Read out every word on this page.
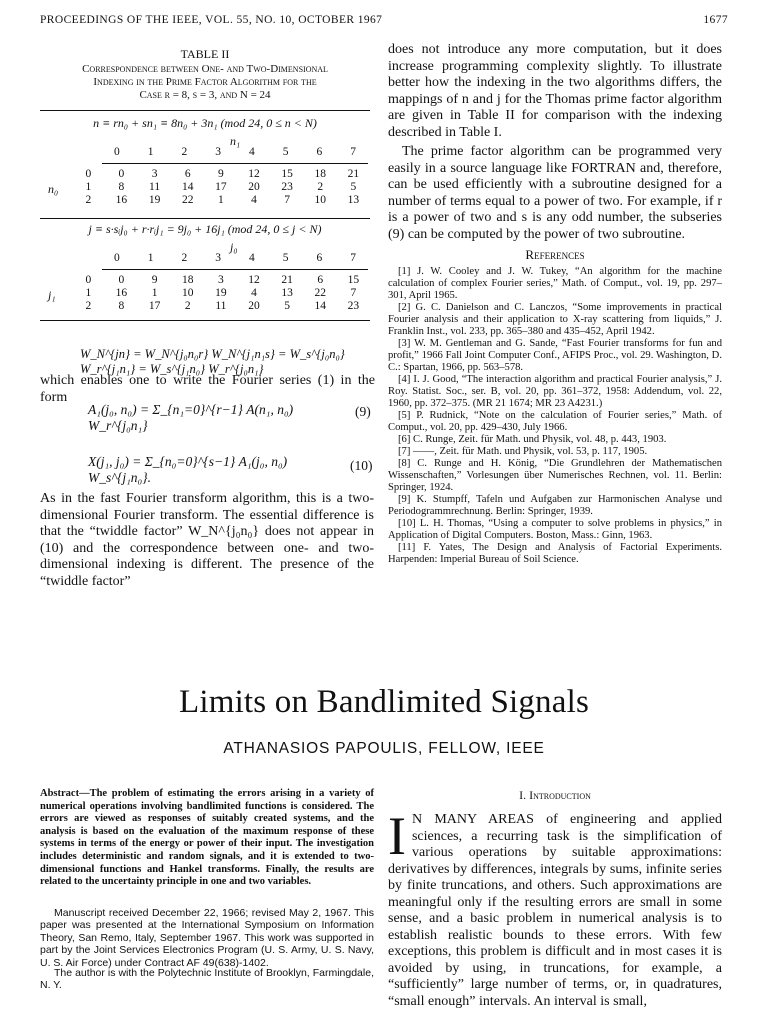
PROCEEDINGS OF THE IEEE, VOL. 55, NO. 10, OCTOBER 1967	1677
TABLE II
Correspondence between One- and Two-Dimensional
Indexing in the Prime Factor Algorithm for the
Case r = 8, s = 3, and N = 24
n ≡ rn₀ + sn₁ ≡ 8n₀ + 3n₁ (mod 24, 0 ≤ n < N)
n₁
0	1	2	3	4	5	6	7
n₀
0	0	3	6	9	12	15	18	21
1	8	11	14	17	20	23	2	5
2	16	19	22	1	4	7	10	13
j ≡ s·sᵢj₀ + r·rᵢj₁ = 9j₀ + 16j₁ (mod 24, 0 ≤ j < N)
j₀
0	1	2	3	4	5	6	7
j₁
0	0	9	18	3	12	21	6	15
1	16	1	10	19	4	13	22	7
2	8	17	2	11	20	5	14	23
W_N^{jn} = W_N^{j₀n₀r} W_N^{j₁n₁s} = W_s^{j₀n₀} W_r^{j₁n₁} = W_s^{j₁n₀} W_r^{j₀n₁}
which enables one to write the Fourier series (1) in the form
A₁(j₀, n₀) = Σ_{n₁=0}^{r−1} A(n₁, n₀) W_r^{j₀n₁}
(9)
X(j₁, j₀) = Σ_{n₀=0}^{s−1} A₁(j₀, n₀) W_s^{j₁n₀}.
(10)
As in the fast Fourier transform algorithm, this is a two-dimensional Fourier transform. The essential difference is that the “twiddle factor” W_N^{j₀n₀} does not appear in (10) and the correspondence between one- and two-dimensional indexing is different. The presence of the “twiddle factor”
does not introduce any more computation, but it does increase programming complexity slightly. To illustrate better how the indexing in the two algorithms differs, the mappings of n and j for the Thomas prime factor algorithm are given in Table II for comparison with the indexing described in Table I.
The prime factor algorithm can be programmed very easily in a source language like FORTRAN and, therefore, can be used efficiently with a subroutine designed for a number of terms equal to a power of two. For example, if r is a power of two and s is any odd number, the subseries (9) can be computed by the power of two subroutine.
References

[1] J. W. Cooley and J. W. Tukey, “An algorithm for the machine calculation of complex Fourier series,” Math. of Comput., vol. 19, pp. 297–301, April 1965.

[2] G. C. Danielson and C. Lanczos, “Some improvements in practical Fourier analysis and their application to X-ray scattering from liquids,” J. Franklin Inst., vol. 233, pp. 365–380 and 435–452, April 1942.

[3] W. M. Gentleman and G. Sande, “Fast Fourier transforms for fun and profit,” 1966 Fall Joint Computer Conf., AFIPS Proc., vol. 29. Washington, D. C.: Spartan, 1966, pp. 563–578.

[4] I. J. Good, “The interaction algorithm and practical Fourier analysis,” J. Roy. Statist. Soc., ser. B, vol. 20, pp. 361–372, 1958: Addendum, vol. 22, 1960, pp. 372–375. (MR 21 1674; MR 23 A4231.)

[5] P. Rudnick, “Note on the calculation of Fourier series,” Math. of Comput., vol. 20, pp. 429–430, July 1966.

[6] C. Runge, Zeit. für Math. und Physik, vol. 48, p. 443, 1903.

[7] ——, Zeit. für Math. und Physik, vol. 53, p. 117, 1905.

[8] C. Runge and H. König, “Die Grundlehren der Mathematischen Wissenschaften,” Vorlesungen über Numerisches Rechnen, vol. 11. Berlin: Springer, 1924.

[9] K. Stumpff, Tafeln und Aufgaben zur Harmonischen Analyse und Periodogrammrechnung. Berlin: Springer, 1939.

[10] L. H. Thomas, “Using a computer to solve problems in physics,” in Application of Digital Computers. Boston, Mass.: Ginn, 1963.

[11] F. Yates, The Design and Analysis of Factorial Experiments. Harpenden: Imperial Bureau of Soil Science.

Limits on Bandlimited Signals
ATHANASIOS PAPOULIS, FELLOW, IEEE
Abstract—The problem of estimating the errors arising in a variety of numerical operations involving bandlimited functions is considered. The errors are viewed as responses of suitably created systems, and the analysis is based on the evaluation of the maximum response of these systems in terms of the energy or power of their input. The investigation includes deterministic and random signals, and it is extended to two-dimensional functions and Hankel transforms. Finally, the results are related to the uncertainty principle in one and two variables.
Manuscript received December 22, 1966; revised May 2, 1967. This paper was presented at the International Symposium on Information Theory, San Remo, Italy, September 1967. This work was supported in part by the Joint Services Electronics Program (U. S. Army, U. S. Navy, U. S. Air Force) under Contract AF 49(638)-1402.
The author is with the Polytechnic Institute of Brooklyn, Farmingdale, N. Y.
I. Introduction
I N MANY AREAS of engineering and applied sciences, a recurring task is the simplification of various operations by suitable approximations: derivatives by differences, integrals by sums, infinite series by finite truncations, and others. Such approximations are meaningful only if the resulting errors are small in some sense, and a basic problem in numerical analysis is to establish realistic bounds to these errors. With few exceptions, this problem is difficult and in most cases it is avoided by using, in truncations, for example, a “sufficiently” large number of terms, or, in quadratures, “small enough” intervals. An interval is small,
